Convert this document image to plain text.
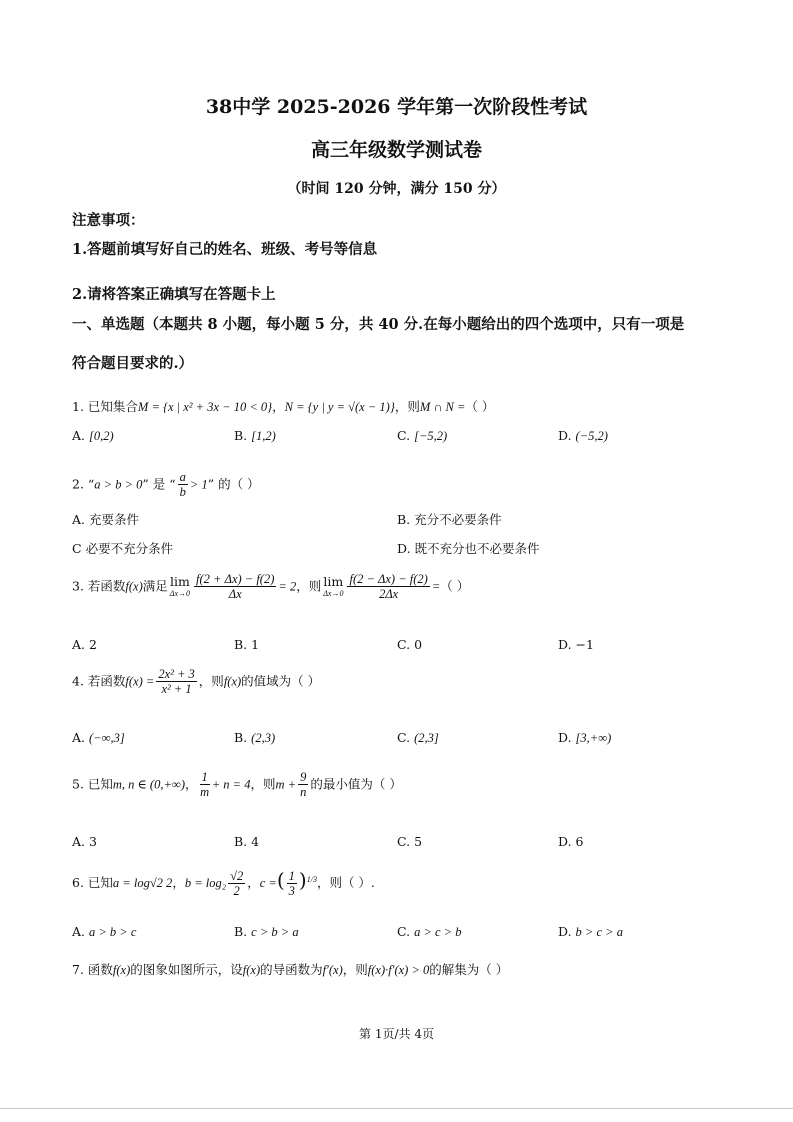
38中学 2025-2026 学年第一次阶段性考试
高三年级数学测试卷
（时间 120 分钟，满分 150 分）
注意事项：
1.答题前填写好自己的姓名、班级、考号等信息
2.请将答案正确填写在答题卡上
一、单选题（本题共 8 小题，每小题 5 分，共 40 分.在每小题给出的四个选项中，只有一项是
符合题目要求的.）
1. 已知集合M = {x | x² + 3x − 10 < 0}，N = {y | y = √(x − 1)}，则M ∩ N =（ ）
A. [0,2)	B. [1,2)	C. [−5,2)	D. (−5,2)
2. “a > b > 0” 是 “ $\frac{a}{b} > 1$” 的（ ）
A. 充要条件	B. 充分不必要条件
C 必要不充分条件	D. 既不充分也不必要条件
3. 若函数f(x)满足 lim
$\Delta x\to 0 \frac{f(2 + \Delta x) - f(2)}{\Delta x} = 2$，则 lim
$\Delta x\to 0 \frac{f(2 - \Delta x) - f(2)}{2\Delta x}$ =（ ）
A. 2	B. 1	C. 0	D. −1
4. 若函数$f(x) = \frac{\text{2x² + 3}}{\text{x² + 1}}$ ，则f(x)的值域为（ ）
A. (−∞,3]	B. (2,3)	C. (2,3]	D. [3,+∞)
5. 已知m, n ∈ (0,+∞)， $\frac{1}{m} + n = 4$，则$m + \frac{9}{n}$ 的最小值为（ ）
A. 3	B. 4	C. 5	D. 6
6. 已知a = log√2 2，$b = \log_2 \frac{√2}{2}$ ，c =( $\frac{1}{3} )^{1/3}$，则（ ）.
A. a > b > c	B. c > b > a	C. a > c > b	D. b > c > a
7. 函数f(x)的图象如图所示，设f(x)的导函数为f′(x)，则f(x)·f′(x) > 0的解集为（ ）
第 1页/共 4页
